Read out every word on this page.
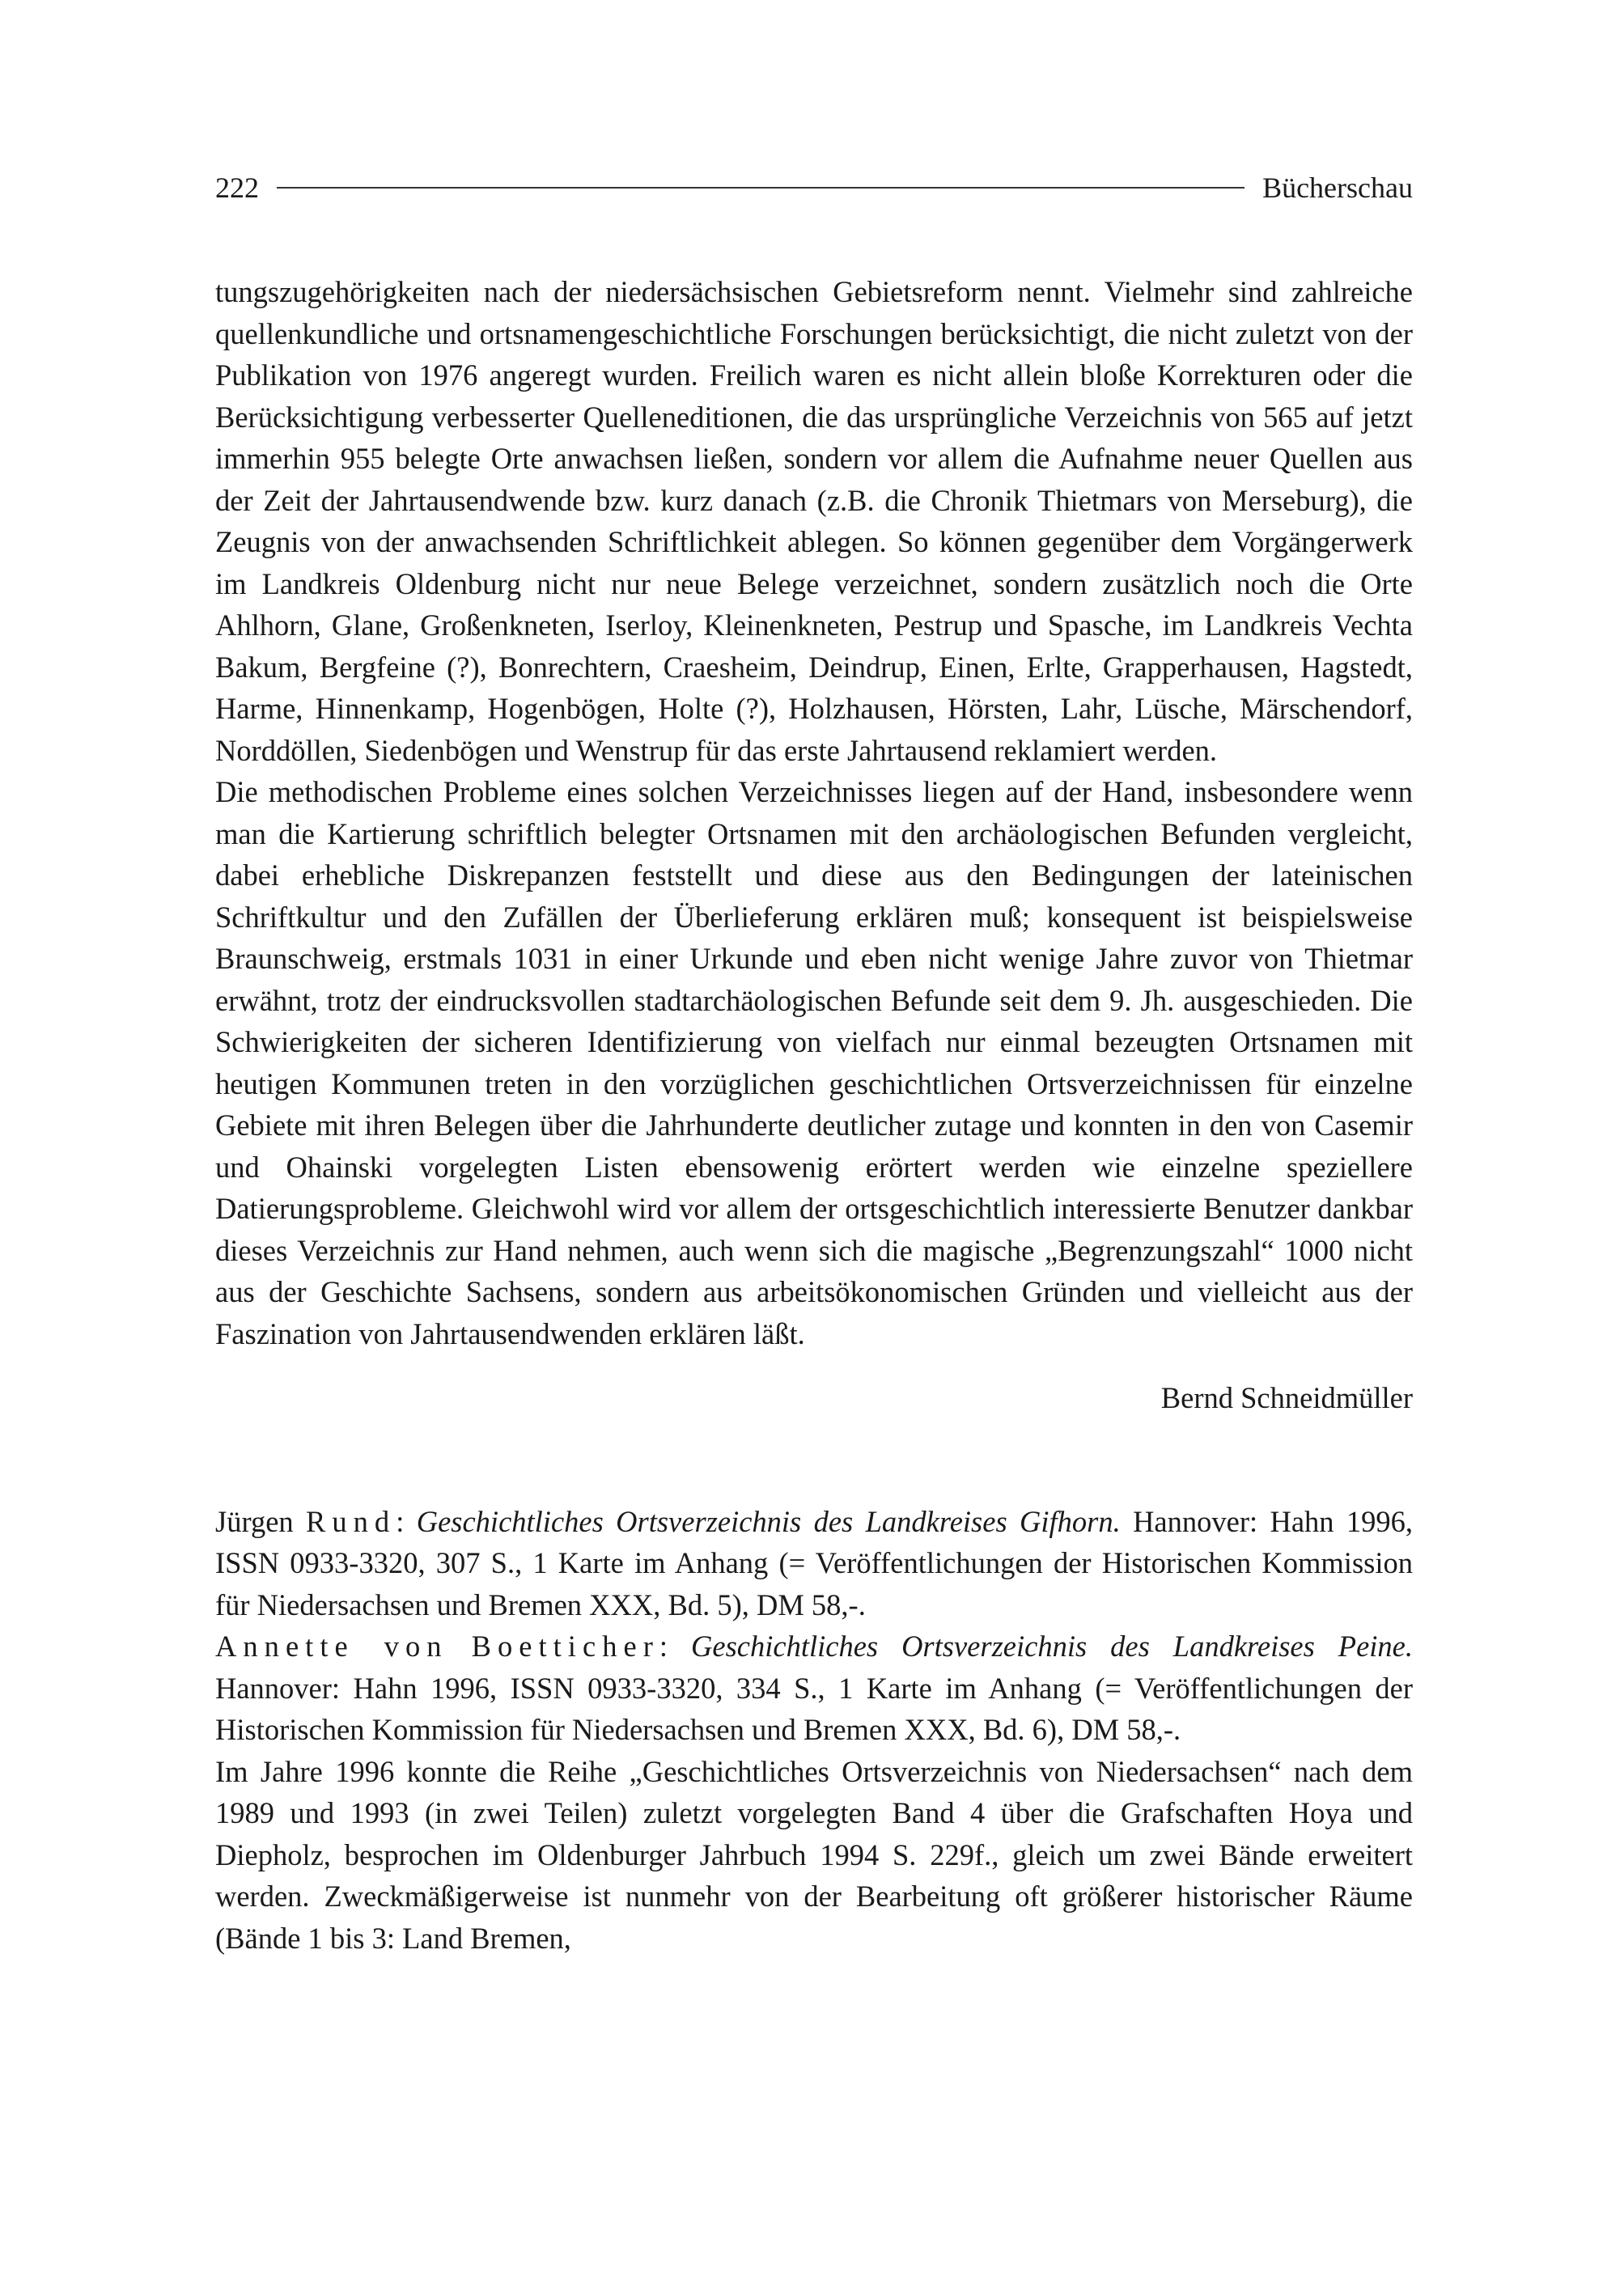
222	Bücherschau

tungszugehörigkeiten nach der niedersächsischen Gebietsreform nennt. Vielmehr sind zahlreiche quellenkundliche und ortsnamengeschichtliche Forschungen berücksichtigt, die nicht zuletzt von der Publikation von 1976 angeregt wurden. Freilich waren es nicht allein bloße Korrekturen oder die Berücksichtigung verbesserter Quelleneditionen, die das ursprüngliche Verzeichnis von 565 auf jetzt immerhin 955 belegte Orte anwachsen ließen, sondern vor allem die Aufnahme neuer Quellen aus der Zeit der Jahrtausendwende bzw. kurz danach (z.B. die Chronik Thietmars von Merseburg), die Zeugnis von der anwachsenden Schriftlichkeit ablegen. So können gegenüber dem Vorgängerwerk im Landkreis Oldenburg nicht nur neue Belege verzeichnet, sondern zusätzlich noch die Orte Ahlhorn, Glane, Großenkneten, Iserloy, Kleinenkneten, Pestrup und Spasche, im Landkreis Vechta Bakum, Bergfeine (?), Bonrechtern, Craesheim, Deindrup, Einen, Erlte, Grapperhausen, Hagstedt, Harme, Hinnenkamp, Hogenbögen, Holte (?), Holzhausen, Hörsten, Lahr, Lüsche, Märschendorf, Norddöllen, Siedenbögen und Wenstrup für das erste Jahrtausend reklamiert werden.

Die methodischen Probleme eines solchen Verzeichnisses liegen auf der Hand, insbesondere wenn man die Kartierung schriftlich belegter Ortsnamen mit den archäologischen Befunden vergleicht, dabei erhebliche Diskrepanzen feststellt und diese aus den Bedingungen der lateinischen Schriftkultur und den Zufällen der Überlieferung erklären muß; konsequent ist beispielsweise Braunschweig, erstmals 1031 in einer Urkunde und eben nicht wenige Jahre zuvor von Thietmar erwähnt, trotz der eindrucksvollen stadtarchäologischen Befunde seit dem 9. Jh. ausgeschieden. Die Schwierigkeiten der sicheren Identifizierung von vielfach nur einmal bezeugten Ortsnamen mit heutigen Kommunen treten in den vorzüglichen geschichtlichen Ortsverzeichnissen für einzelne Gebiete mit ihren Belegen über die Jahrhunderte deutlicher zutage und konnten in den von Casemir und Ohainski vorgelegten Listen ebensowenig erörtert werden wie einzelne speziellere Datierungsprobleme. Gleichwohl wird vor allem der ortsgeschichtlich interessierte Benutzer dankbar dieses Verzeichnis zur Hand nehmen, auch wenn sich die magische „Begrenzungszahl“ 1000 nicht aus der Geschichte Sachsens, sondern aus arbeitsökonomischen Gründen und vielleicht aus der Faszination von Jahrtausendwenden erklären läßt.

Bernd Schneidmüller

Jürgen Rund: Geschichtliches Ortsverzeichnis des Landkreises Gifhorn. Hannover: Hahn 1996, ISSN 0933-3320, 307 S., 1 Karte im Anhang (= Veröffentlichungen der Historischen Kommission für Niedersachsen und Bremen XXX, Bd. 5), DM 58,-.

Annette von Boetticher: Geschichtliches Ortsverzeichnis des Landkreises Peine. Hannover: Hahn 1996, ISSN 0933-3320, 334 S., 1 Karte im Anhang (= Veröffentlichungen der Historischen Kommission für Niedersachsen und Bremen XXX, Bd. 6), DM 58,-.

Im Jahre 1996 konnte die Reihe „Geschichtliches Ortsverzeichnis von Niedersachsen“ nach dem 1989 und 1993 (in zwei Teilen) zuletzt vorgelegten Band 4 über die Grafschaften Hoya und Diepholz, besprochen im Oldenburger Jahrbuch 1994 S. 229f., gleich um zwei Bände erweitert werden. Zweckmäßigerweise ist nunmehr von der Bearbeitung oft größerer historischer Räume (Bände 1 bis 3: Land Bremen,
